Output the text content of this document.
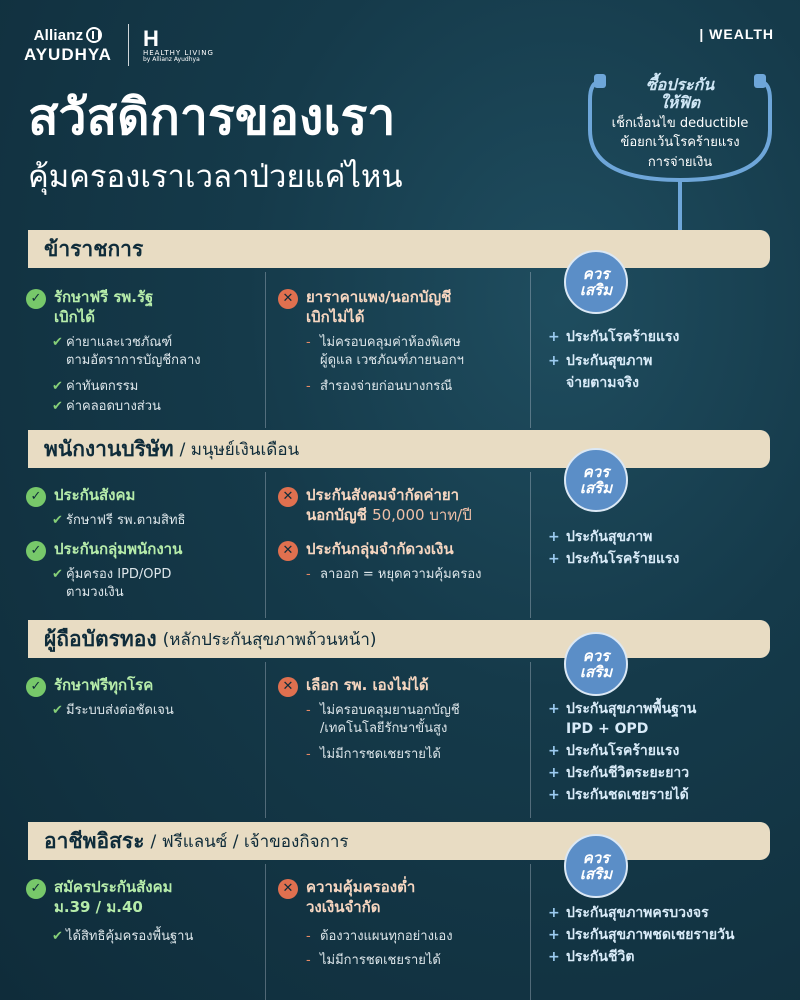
Allianz
AYUDHYA
H
HEALTHY LIVING
by Allianz Ayudhya
| WEALTH
สวัสดิการของเรา
คุ้มครองเราเวลาป่วยแค่ไหน
ซื้อประกัน
ให้ฟิต
เช็กเงื่อนไข deductible
ข้อยกเว้นโรคร้ายแรง
การจ่ายเงิน
ข้าราชการ
ควร
เสริม
✓ รักษาฟรี รพ.รัฐ
เบิกได้
✔ ค่ายาและเวชภัณฑ์
ตามอัตราการบัญชีกลาง
✔ ค่าทันตกรรม
✔ ค่าคลอดบางส่วน
✕ ยาราคาแพง/นอกบัญชี
เบิกไม่ได้
- ไม่ครอบคลุมค่าห้องพิเศษ
ผู้ดูแล เวชภัณฑ์ภายนอกฯ
- สำรองจ่ายก่อนบางกรณี
+ ประกันโรคร้ายแรง
+ ประกันสุขภาพ
จ่ายตามจริง
พนักงานบริษัท / มนุษย์เงินเดือน
ควร
เสริม
✓ ประกันสังคม
✔ รักษาฟรี รพ.ตามสิทธิ
✓ ประกันกลุ่มพนักงาน
✔ คุ้มครอง IPD/OPD
ตามวงเงิน
✕ ประกันสังคมจำกัดค่ายา
นอกบัญชี 50,000 บาท/ปี
✕ ประกันกลุ่มจำกัดวงเงิน
- ลาออก = หยุดความคุ้มครอง
+ ประกันสุขภาพ
+ ประกันโรคร้ายแรง
ผู้ถือบัตรทอง (หลักประกันสุขภาพถ้วนหน้า)
ควร
เสริม
✓ รักษาฟรีทุกโรค
✔ มีระบบส่งต่อชัดเจน
✕ เลือก รพ. เองไม่ได้
- ไม่ครอบคลุมยานอกบัญชี
/เทคโนโลยีรักษาขั้นสูง
- ไม่มีการชดเชยรายได้
+ ประกันสุขภาพพื้นฐาน
IPD + OPD
+ ประกันโรคร้ายแรง
+ ประกันชีวิตระยะยาว
+ ประกันชดเชยรายได้
อาชีพอิสระ / ฟรีแลนซ์ / เจ้าของกิจการ
ควร
เสริม
✓ สมัครประกันสังคม
ม.39 / ม.40
✔ ได้สิทธิคุ้มครองพื้นฐาน
✕ ความคุ้มครองต่ำ
วงเงินจำกัด
- ต้องวางแผนทุกอย่างเอง
- ไม่มีการชดเชยรายได้
+ ประกันสุขภาพครบวงจร
+ ประกันสุขภาพชดเชยรายวัน
+ ประกันชีวิต
